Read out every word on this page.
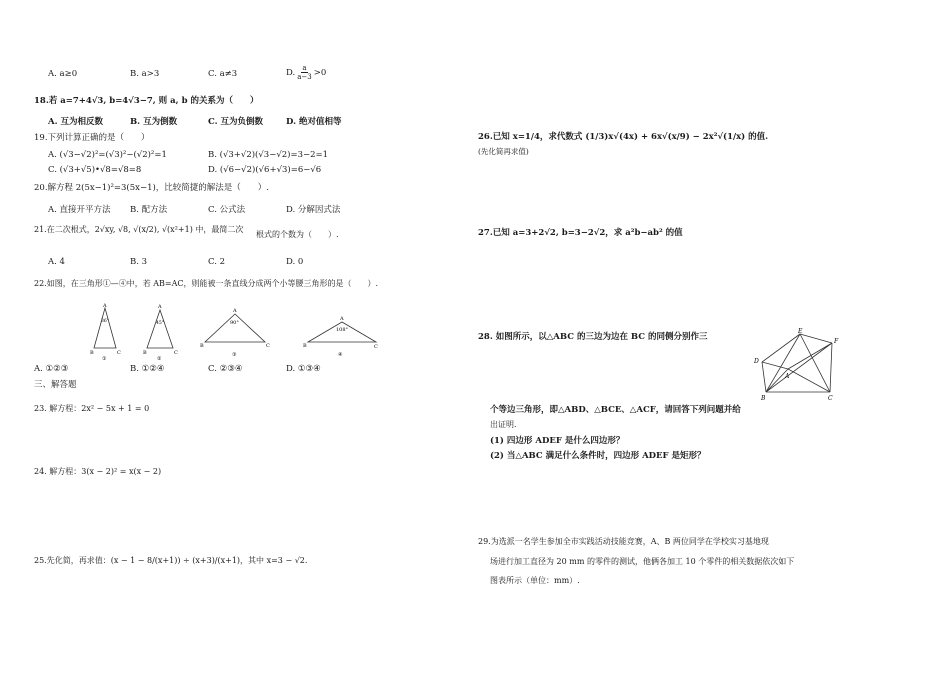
A. a≥0	B. a>3	C. a≠3	D. $\frac{a}{a-3} >0$
18.若 a=7+4√3, b=4√3−7, 则 a, b 的关系为（　　）
A. 互为相反数	B. 互为倒数	C. 互为负倒数	D. 绝对值相等
19.下列计算正确的是（　　）
A. (√3−√2)²=(√3)²−(√2)²=1	B. (√3+√2)(√3−√2)=3−2=1
C. (√3+√5)•√8=√8=8	D. (√6−√2)(√6+√3)=6−√6
20.解方程 2(5x−1)²=3(5x−1)，比较简捷的解法是（　　）.
A. 直接开平方法 B. 配方法	C. 公式法	D. 分解因式法
21.在二次根式，2√xy, √8, √(x/2), √(x²+1) 中，最简二次
根式的个数为（　　）.
A. 4	B. 3	C. 2	D. 0
22.如图，在三角形①—④中，若 AB=AC，则能被一条直线分成两个小等腰三角形的是（　　）.
A
B	C
36°
①
A
B	C
45°
②
A
B	C
90°
③
A
B	C
108°
④
A. ①②③	B. ①②④	C. ②③④	D. ①③④
三、解答题
23. 解方程：2x² − 5x + 1 = 0
24. 解方程：3(x − 2)² = x(x − 2)
25.先化简，再求值：(x − 1 − 8/(x+1)) ÷ (x+3)/(x+1)，其中 x=3 − √2.
26.已知 x=1/4，求代数式 (1/3)x√(4x) + 6x√(x/9) − 2x²√(1/x) 的值.
(先化简再求值)
27.已知 a=3+2√2, b=3−2√2，求 a²b−ab² 的值
28. 如图所示，以△ABC 的三边为边在 BC 的同侧分别作三
D
E
F
A
B	C
个等边三角形，即△ABD、△BCE、△ACF，请回答下列问题并给
出证明.
(1) 四边形 ADEF 是什么四边形？
(2) 当△ABC 满足什么条件时，四边形 ADEF 是矩形？
29.为选派一名学生参加全市实践活动技能竞赛，A、B 两位同学在学校实习基地现
场进行加工直径为 20 mm 的零件的测试，他俩各加工 10 个零件的相关数据依次如下
图表所示（单位：mm）.
